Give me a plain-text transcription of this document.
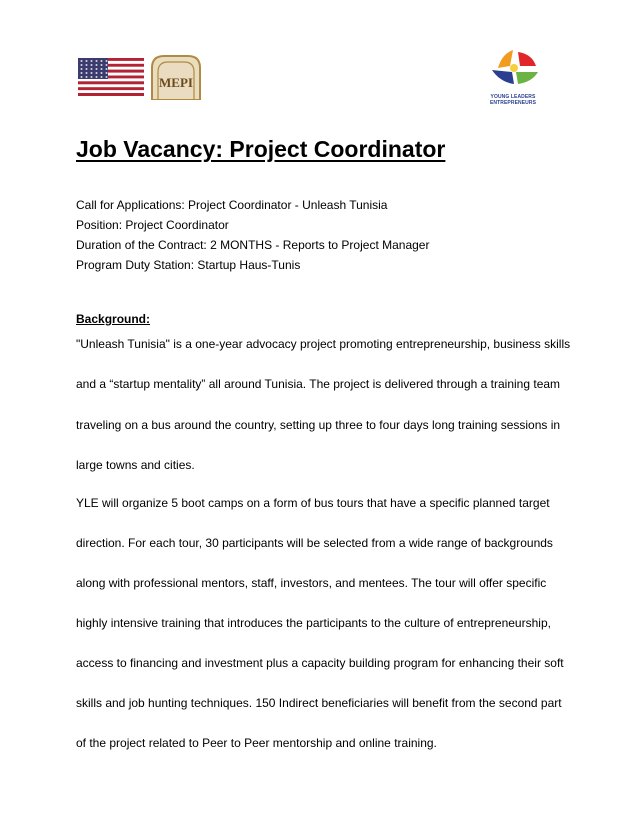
MEPI
YOUNG LEADERS
ENTREPRENEURS
Job Vacancy: Project Coordinator
Call for Applications: Project Coordinator - Unleash Tunisia
Position: Project Coordinator
Duration of the Contract: 2 MONTHS - Reports to Project Manager
Program Duty Station: Startup Haus-Tunis
Background:
"Unleash Tunisia" is a one-year advocacy project promoting entrepreneurship, business skills
and a “startup mentality” all around Tunisia. The project is delivered through a training team
traveling on a bus around the country, setting up three to four days long training sessions in
large towns and cities.
YLE will organize 5 boot camps on a form of bus tours that have a specific planned target
direction. For each tour, 30 participants will be selected from a wide range of backgrounds
along with professional mentors, staff, investors, and mentees. The tour will offer specific
highly intensive training that introduces the participants to the culture of entrepreneurship,
access to financing and investment plus a capacity building program for enhancing their soft
skills and job hunting techniques. 150 Indirect beneficiaries will benefit from the second part
of the project related to Peer to Peer mentorship and online training.
